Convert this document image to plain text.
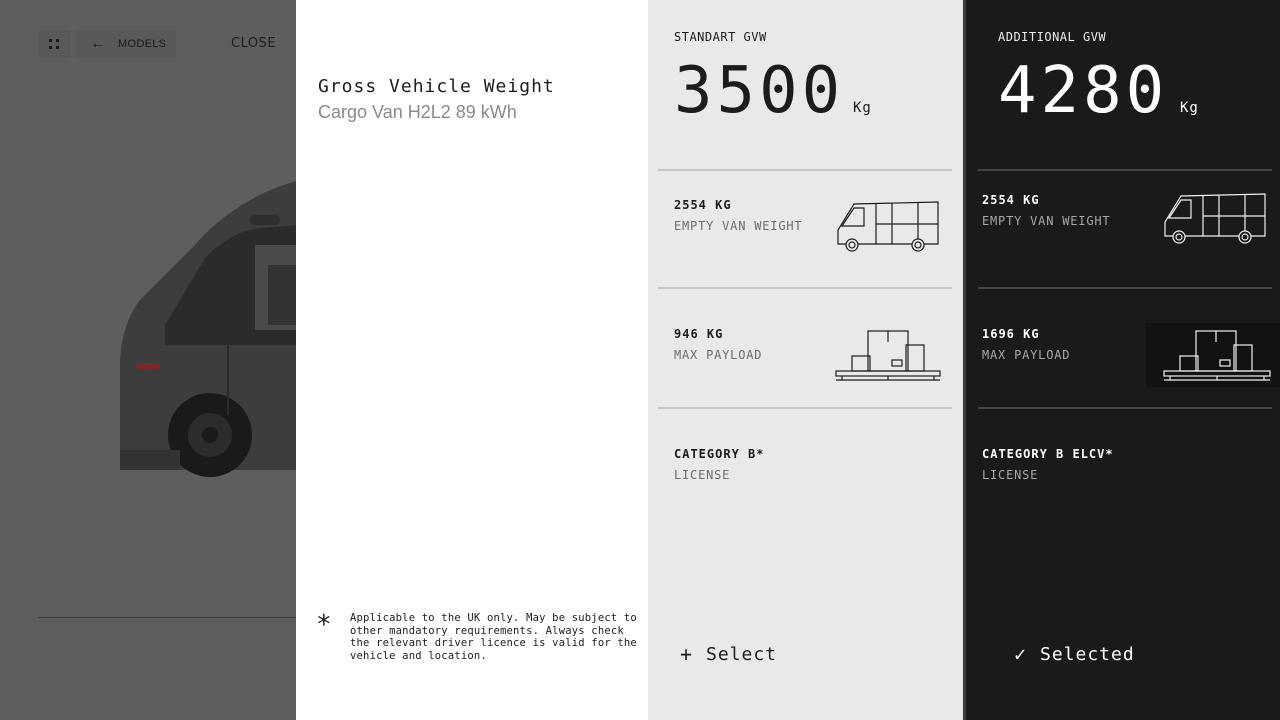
← MODELS	CLOSE
Gross Vehicle Weight
Cargo Van H2L2 89 kWh
*	Applicable to the UK only. May be subject to other mandatory requirements. Always check the relevant driver licence is valid for the vehicle and location.
STANDART GVW
3500 Kg
2554 KG
EMPTY VAN WEIGHT
946 KG
MAX PAYLOAD
CATEGORY B*
LICENSE
+ Select
ADDITIONAL GVW
4280 Kg
2554 KG
EMPTY VAN WEIGHT
1696 KG
MAX PAYLOAD
CATEGORY B ELCV*
LICENSE
✓ Selected
